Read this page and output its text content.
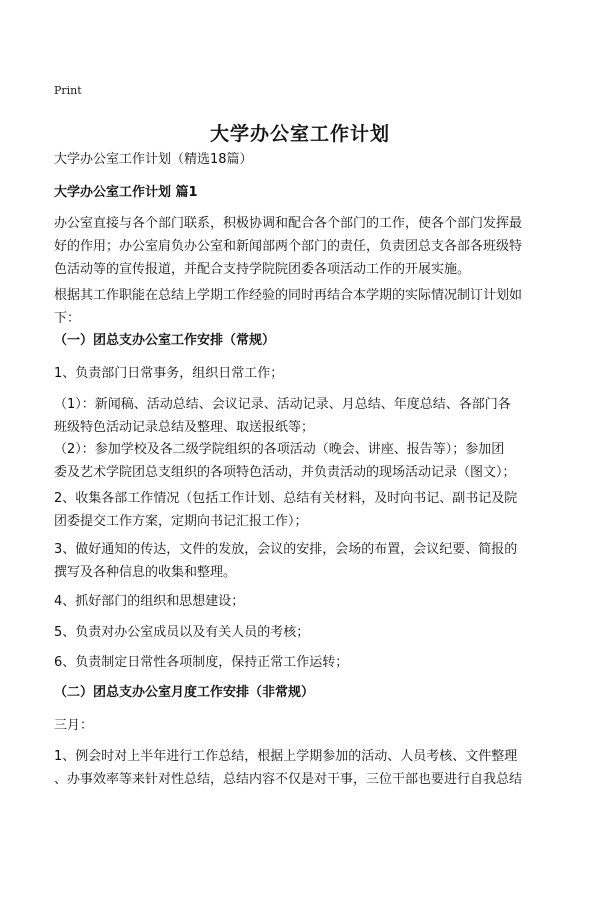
Print
大学办公室工作计划
大学办公室工作计划（精选18篇）
大学办公室工作计划 篇1
办公室直接与各个部门联系，积极协调和配合各个部门的工作，使各个部门发挥最
好的作用；办公室肩负办公室和新闻部两个部门的责任，负责团总支各部各班级特
色活动等的宣传报道，并配合支持学院院团委各项活动工作的开展实施。
根据其工作职能在总结上学期工作经验的同时再结合本学期的实际情况制订计划如
下：
（一）团总支办公室工作安排（常规）
1、负责部门日常事务，组织日常工作；
（1）：新闻稿、活动总结、会议记录、活动记录、月总结、年度总结、各部门各
班级特色活动记录总结及整理、取送报纸等；
（2）：参加学校及各二级学院组织的各项活动（晚会、讲座、报告等）；参加团
委及艺术学院团总支组织的各项特色活动，并负责活动的现场活动记录（图文）；
2、收集各部工作情况（包括工作计划、总结有关材料，及时向书记、副书记及院
团委提交工作方案，定期向书记汇报工作）；
3、做好通知的传达，文件的发放，会议的安排，会场的布置，会议纪要、简报的
撰写及各种信息的收集和整理。
4、抓好部门的组织和思想建设；
5、负责对办公室成员以及有关人员的考核；
6、负责制定日常性各项制度，保持正常工作运转；
（二）团总支办公室月度工作安排（非常规）
三月：
1、例会时对上半年进行工作总结，根据上学期参加的活动、人员考核、文件整理
、办事效率等来针对性总结，总结内容不仅是对干事，三位干部也要进行自我总结
